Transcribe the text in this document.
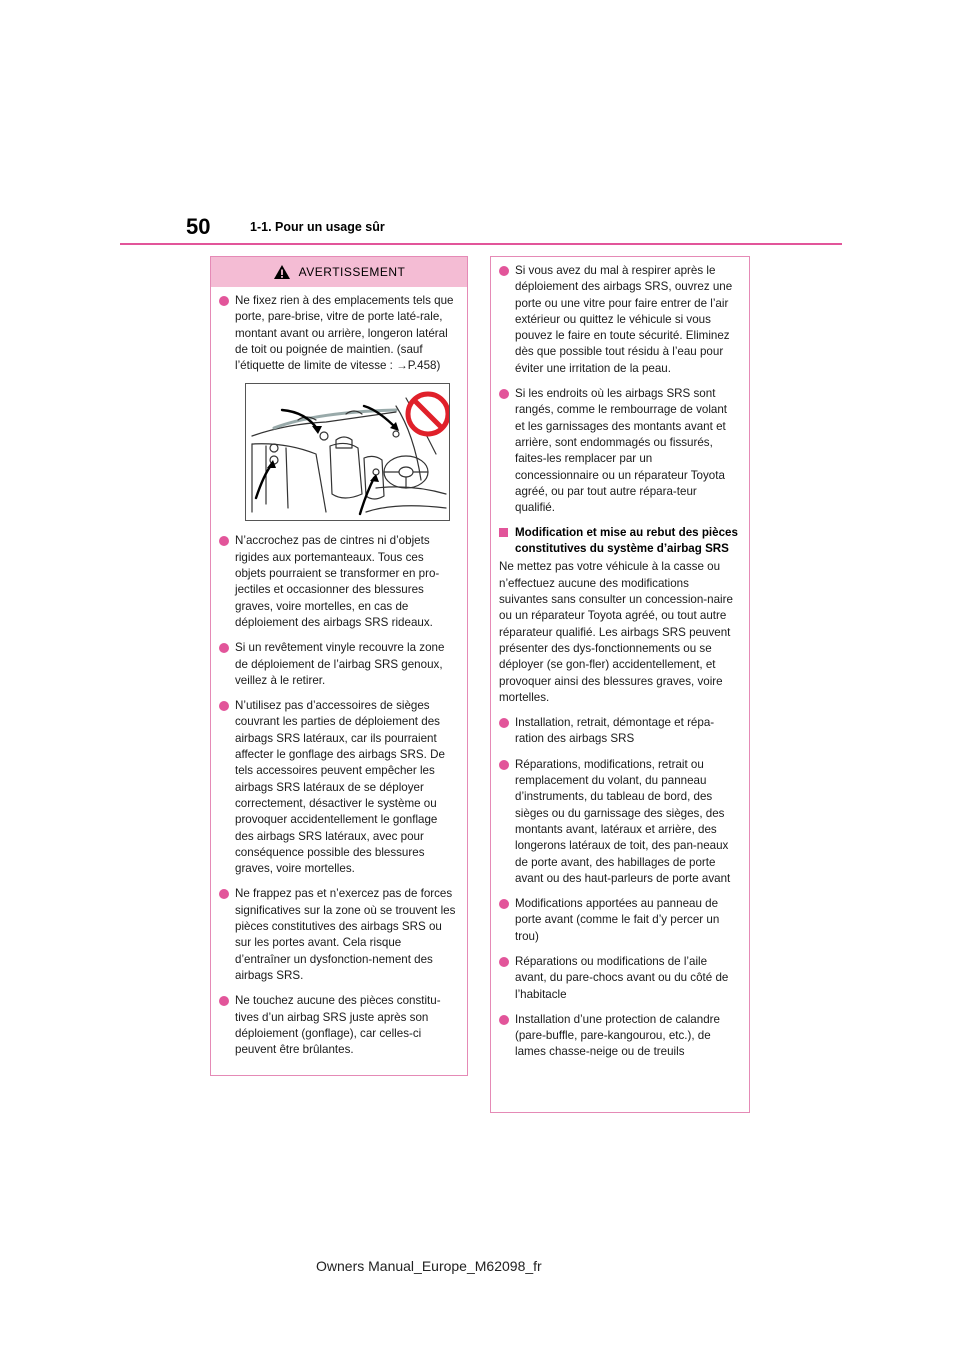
50	1-1. Pour un usage sûr
AVERTISSEMENT
Ne fixez rien à des emplacements tels que porte, pare-brise, vitre de porte laté-rale, montant avant ou arrière, longeron latéral de toit ou poignée de maintien. (sauf l’étiquette de limite de vitesse : →P.458)
N’accrochez pas de cintres ni d’objets rigides aux portemanteaux. Tous ces objets pourraient se transformer en pro-jectiles et occasionner des blessures graves, voire mortelles, en cas de déploiement des airbags SRS rideaux.
Si un revêtement vinyle recouvre la zone de déploiement de l’airbag SRS genoux, veillez à le retirer.
N’utilisez pas d’accessoires de sièges couvrant les parties de déploiement des airbags SRS latéraux, car ils pourraient affecter le gonflage des airbags SRS. De tels accessoires peuvent empêcher les airbags SRS latéraux de se déployer correctement, désactiver le système ou provoquer accidentellement le gonflage des airbags SRS latéraux, avec pour conséquence possible des blessures graves, voire mortelles.
Ne frappez pas et n’exercez pas de forces significatives sur la zone où se trouvent les pièces constitutives des airbags SRS ou sur les portes avant. Cela risque d’entraîner un dysfonction-nement des airbags SRS.
Ne touchez aucune des pièces constitu-tives d’un airbag SRS juste après son déploiement (gonflage), car celles-ci peuvent être brûlantes.
Si vous avez du mal à respirer après le déploiement des airbags SRS, ouvrez une porte ou une vitre pour faire entrer de l’air extérieur ou quittez le véhicule si vous pouvez le faire en toute sécurité. Eliminez dès que possible tout résidu à l’eau pour éviter une irritation de la peau.
Si les endroits où les airbags SRS sont rangés, comme le rembourrage de volant et les garnissages des montants avant et arrière, sont endommagés ou fissurés, faites-les remplacer par un concessionnaire ou un réparateur Toyota agréé, ou par tout autre répara-teur qualifié.
Modification et mise au rebut des pièces constitutives du système d’airbag SRS
Ne mettez pas votre véhicule à la casse ou n’effectuez aucune des modifications suivantes sans consulter un concession-naire ou un réparateur Toyota agréé, ou tout autre réparateur qualifié. Les airbags SRS peuvent présenter des dys-fonctionnements ou se déployer (se gon-fler) accidentellement, et provoquer ainsi des blessures graves, voire mortelles.
Installation, retrait, démontage et répa-ration des airbags SRS
Réparations, modifications, retrait ou remplacement du volant, du panneau d’instruments, du tableau de bord, des sièges ou du garnissage des sièges, des montants avant, latéraux et arrière, des longerons latéraux de toit, des pan-neaux de porte avant, des habillages de porte avant ou des haut-parleurs de porte avant
Modifications apportées au panneau de porte avant (comme le fait d’y percer un trou)
Réparations ou modifications de l’aile avant, du pare-chocs avant ou du côté de l’habitacle
Installation d’une protection de calandre (pare-buffle, pare-kangourou, etc.), de lames chasse-neige ou de treuils
Owners Manual_Europe_M62098_fr
